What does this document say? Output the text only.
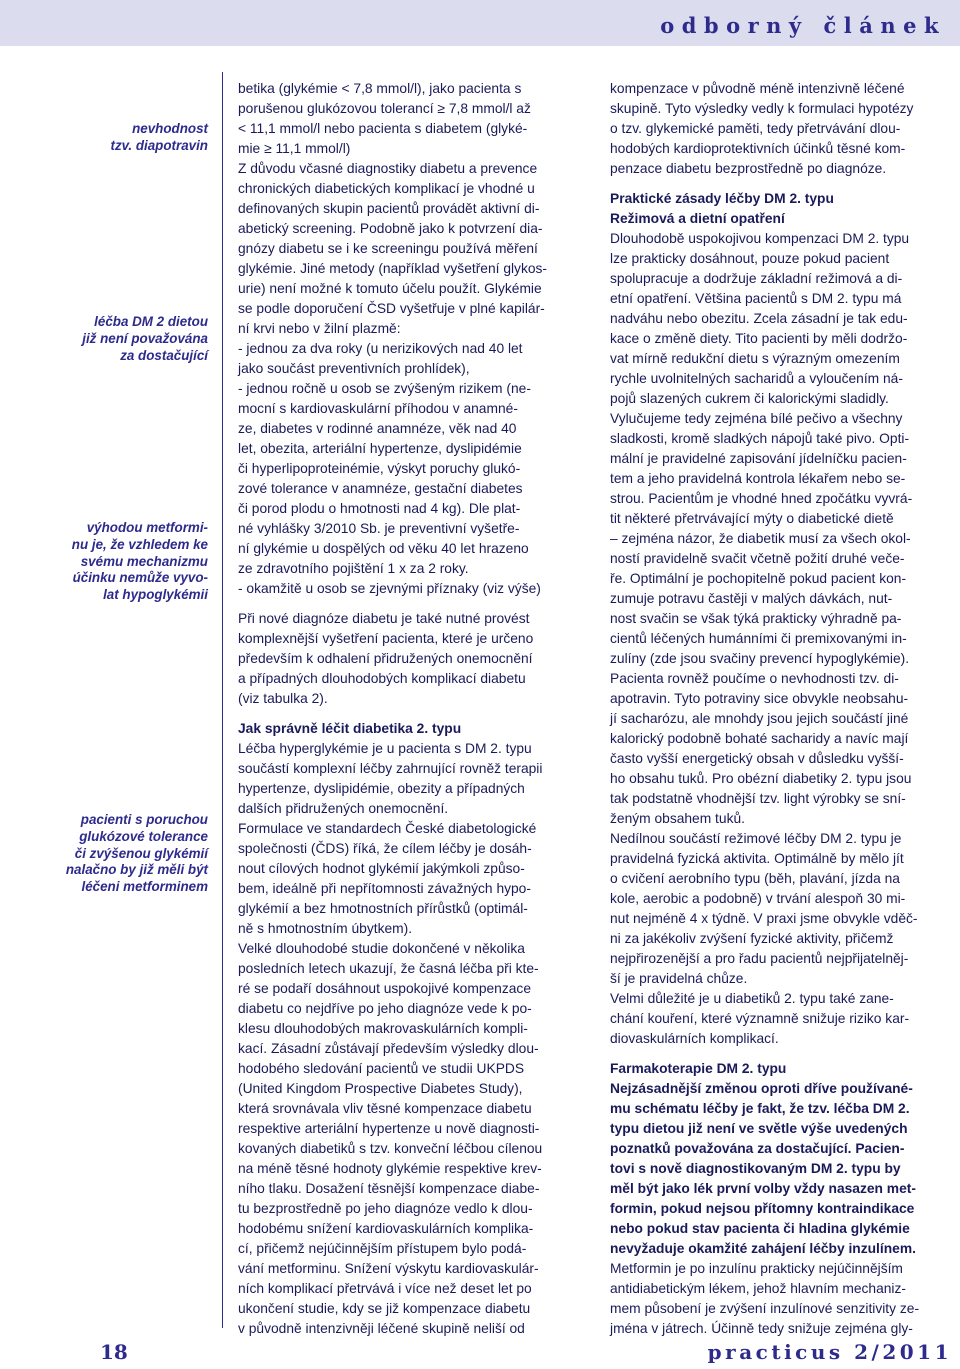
odborný článek
nevhodnost
tzv. diapotravin
léčba DM 2 dietou
již není považována
za dostačující
výhodou metformi-
nu je, že vzhledem ke
svému mechanizmu
účinku nemůže vyvo-
lat hypoglykémii
pacienti s poruchou
glukózové tolerance
či zvýšenou glykémií
nalačno by již měli být
léčeni metforminem
betika (glykémie < 7,8 mmol/l), jako pacienta s
porušenou glukózovou tolerancí ≥ 7,8 mmol/l až
< 11,1 mmol/l nebo pacienta s diabetem (glyké-
mie ≥ 11,1 mmol/l)
Z důvodu včasné diagnostiky diabetu a prevence
chronických diabetických komplikací je vhodné u
definovaných skupin pacientů provádět aktivní di-
abetický screening. Podobně jako k potvrzení dia-
gnózy diabetu se i ke screeningu používá měření
glykémie. Jiné metody (například vyšetření glykos-
urie) není možné k tomuto účelu použít. Glykémie
se podle doporučení ČSD vyšetřuje v plné kapilár-
ní krvi nebo v žilní plazmě:
- jednou za dva roky (u nerizikových nad 40 let
jako součást preventivních prohlídek),
- jednou ročně u osob se zvýšeným rizikem (ne-
mocní s kardiovaskulární příhodou v anamné-
ze, diabetes v rodinné anamnéze, věk nad 40
let, obezita, arteriální hypertenze, dyslipidémie
či hyperlipoproteinémie, výskyt poruchy glukó-
zové tolerance v anamnéze, gestační diabetes
či porod plodu o hmotnosti nad 4 kg). Dle plat-
né vyhlášky 3/2010 Sb. je preventivní vyšetře-
ní glykémie u dospělých od věku 40 let hrazeno
ze zdravotního pojištění 1 x za 2 roky.
- okamžitě u osob se zjevnými příznaky (viz výše)
Při nové diagnóze diabetu je také nutné provést
komplexnější vyšetření pacienta, které je určeno
především k odhalení přidružených onemocnění
a případných dlouhodobých komplikací diabetu
(viz tabulka 2).
Jak správně léčit diabetika 2. typu
Léčba hyperglykémie je u pacienta s DM 2. typu
součástí komplexní léčby zahrnující rovněž terapii
hypertenze, dyslipidémie, obezity a případných
dalších přidružených onemocnění.
Formulace ve standardech České diabetologické
společnosti (ČDS) říká, že cílem léčby je dosáh-
nout cílových hodnot glykémií jakýmkoli způso-
bem, ideálně při nepřítomnosti závažných hypo-
glykémií a bez hmotnostních přírůstků (optimál-
ně s hmotnostním úbytkem).
Velké dlouhodobé studie dokončené v několika
posledních letech ukazují, že časná léčba při kte-
ré se podaří dosáhnout uspokojivé kompenzace
diabetu co nejdříve po jeho diagnóze vede k po-
klesu dlouhodobých makrovaskulárních kompli-
kací. Zásadní zůstávají především výsledky dlou-
hodobého sledování pacientů ve studii UKPDS
(United Kingdom Prospective Diabetes Study),
která srovnávala vliv těsné kompenzace diabetu
respektive arteriální hypertenze u nově diagnosti-
kovaných diabetiků s tzv. konveční léčbou cílenou
na méně těsné hodnoty glykémie respektive krev-
ního tlaku. Dosažení těsnější kompenzace diabe-
tu bezprostředně po jeho diagnóze vedlo k dlou-
hodobému snížení kardiovaskulárních komplika-
cí, přičemž nejúčinnějším přístupem bylo podá-
vání metforminu. Snížení výskytu kardiovaskulár-
ních komplikací přetrvává i více než deset let po
ukončení studie, kdy se již kompenzace diabetu
v původně intenzivněji léčené skupině neliší od
kompenzace v původně méně intenzivně léčené
skupině. Tyto výsledky vedly k formulaci hypotézy
o tzv. glykemické paměti, tedy přetrvávání dlou-
hodobých kardioprotektivních účinků těsné kom-
penzace diabetu bezprostředně po diagnóze.
Praktické zásady léčby DM 2. typu
Režimová a dietní opatření
Dlouhodobě uspokojivou kompenzaci DM 2. typu
lze prakticky dosáhnout, pouze pokud pacient
spolupracuje a dodržuje základní režimová a di-
etní opatření. Většina pacientů s DM 2. typu má
nadváhu nebo obezitu. Zcela zásadní je tak edu-
kace o změně diety. Tito pacienti by měli dodržo-
vat mírně redukční dietu s výrazným omezením
rychle uvolnitelných sacharidů a vyloučením ná-
pojů slazených cukrem či kalorickými sladidly.
Vylučujeme tedy zejména bílé pečivo a všechny
sladkosti, kromě sladkých nápojů také pivo. Opti-
mální je pravidelné zapisování jídelníčku pacien-
tem a jeho pravidelná kontrola lékařem nebo se-
strou. Pacientům je vhodné hned zpočátku vyvrá-
tit některé přetrvávající mýty o diabetické dietě
– zejména názor, že diabetik musí za všech okol-
ností pravidelně svačit včetně požití druhé veče-
ře. Optimální je pochopitelně pokud pacient kon-
zumuje potravu častěji v malých dávkách, nut-
nost svačin se však týká prakticky výhradně pa-
cientů léčených humánními či premixovanými in-
zulíny (zde jsou svačiny prevencí hypoglykémie).
Pacienta rovněž poučíme o nevhodnosti tzv. di-
apotravin. Tyto potraviny sice obvykle neobsahu-
jí sacharózu, ale mnohdy jsou jejich součástí jiné
kalorický podobně bohaté sacharidy a navíc mají
často vyšší energetický obsah v důsledku vyšší-
ho obsahu tuků. Pro obézní diabetiky 2. typu jsou
tak podstatně vhodnější tzv. light výrobky se sní-
ženým obsahem tuků.
Nedílnou součástí režimové léčby DM 2. typu je
pravidelná fyzická aktivita. Optimálně by mělo jít
o cvičení aerobního typu (běh, plavání, jízda na
kole, aerobic a podobně) v trvání alespoň 30 mi-
nut nejméně 4 x týdně. V praxi jsme obvykle vděč-
ni za jakékoliv zvýšení fyzické aktivity, přičemž
nejpřirozenější a pro řadu pacientů nejpřijatelněj-
ší je pravidelná chůze.
Velmi důležité je u diabetiků 2. typu také zane-
chání kouření, které významně snižuje riziko kar-
diovaskulárních komplikací.
Farmakoterapie DM 2. typu
Nejzásadnější změnou oproti dříve používané-
mu schématu léčby je fakt, že tzv. léčba DM 2.
typu dietou již není ve světle výše uvedených
poznatků považována za dostačující. Pacien-
tovi s nově diagnostikovaným DM 2. typu by
měl být jako lék první volby vždy nasazen met-
formin, pokud nejsou přítomny kontraindikace
nebo pokud stav pacienta či hladina glykémie
nevyžaduje okamžité zahájení léčby inzulínem.
Metformin je po inzulínu prakticky nejúčinnějším
antidiabetickým lékem, jehož hlavním mechaniz-
mem působení je zvýšení inzulínové senzitivity ze-
jména v játrech. Účinně tedy snižuje zejména gly-
18	practicus 2/2011
